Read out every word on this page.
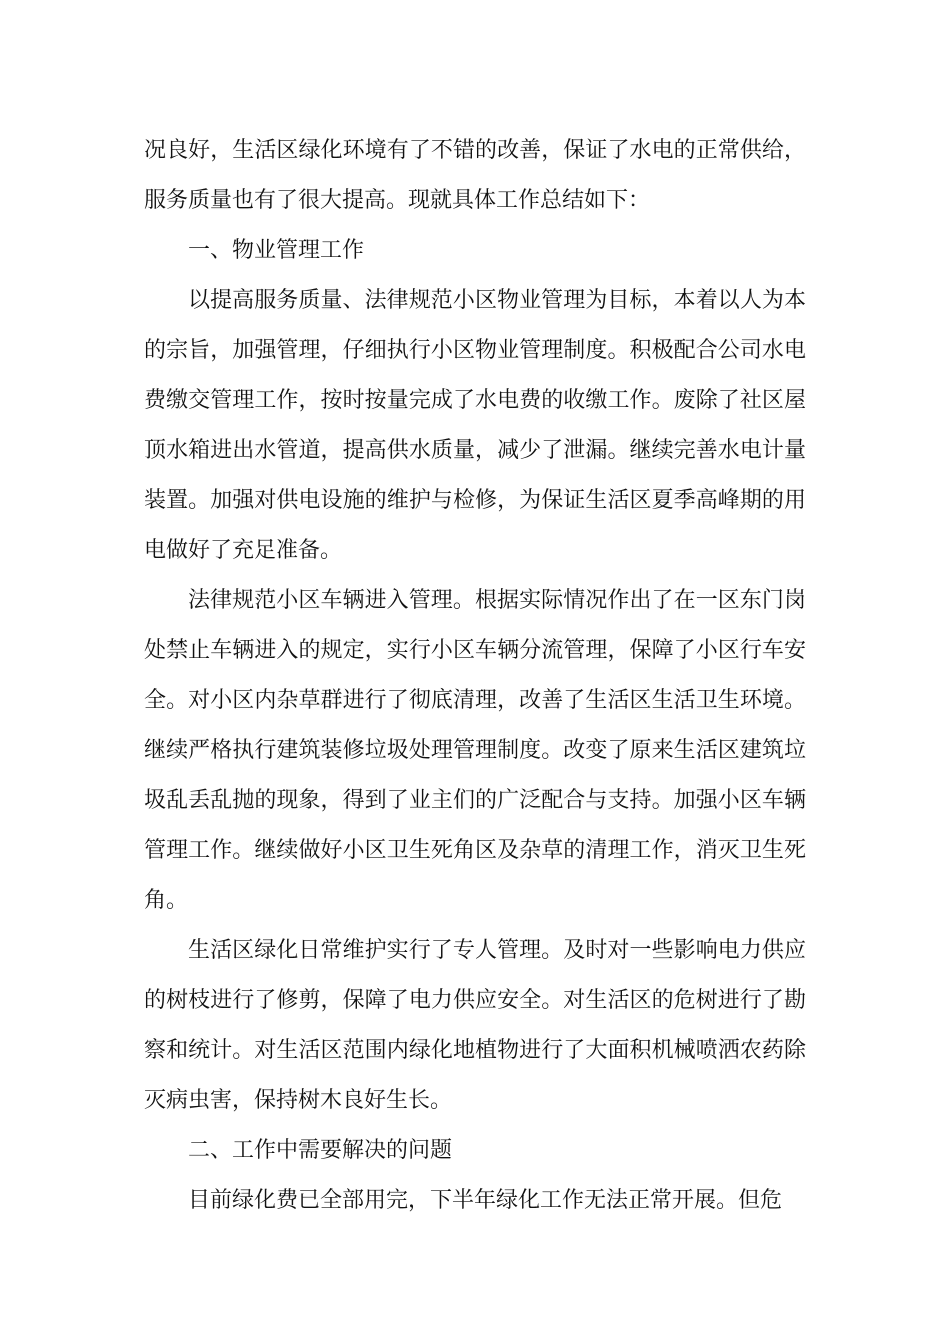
况良好，生活区绿化环境有了不错的改善，保证了水电的正常供给，服务质量也有了很大提高。现就具体工作总结如下：

一、物业管理工作

以提高服务质量、法律规范小区物业管理为目标，本着以人为本的宗旨，加强管理，仔细执行小区物业管理制度。积极配合公司水电费缴交管理工作，按时按量完成了水电费的收缴工作。废除了社区屋顶水箱进出水管道，提高供水质量，减少了泄漏。继续完善水电计量装置。加强对供电设施的维护与检修，为保证生活区夏季高峰期的用电做好了充足准备。

法律规范小区车辆进入管理。根据实际情况作出了在一区东门岗处禁止车辆进入的规定，实行小区车辆分流管理，保障了小区行车安全。对小区内杂草群进行了彻底清理，改善了生活区生活卫生环境。继续严格执行建筑装修垃圾处理管理制度。改变了原来生活区建筑垃圾乱丢乱抛的现象，得到了业主们的广泛配合与支持。加强小区车辆管理工作。继续做好小区卫生死角区及杂草的清理工作，消灭卫生死角。

生活区绿化日常维护实行了专人管理。及时对一些影响电力供应的树枝进行了修剪，保障了电力供应安全。对生活区的危树进行了勘察和统计。对生活区范围内绿化地植物进行了大面积机械喷洒农药除灭病虫害，保持树木良好生长。

二、工作中需要解决的问题

目前绿化费已全部用完，下半年绿化工作无法正常开展。但危
